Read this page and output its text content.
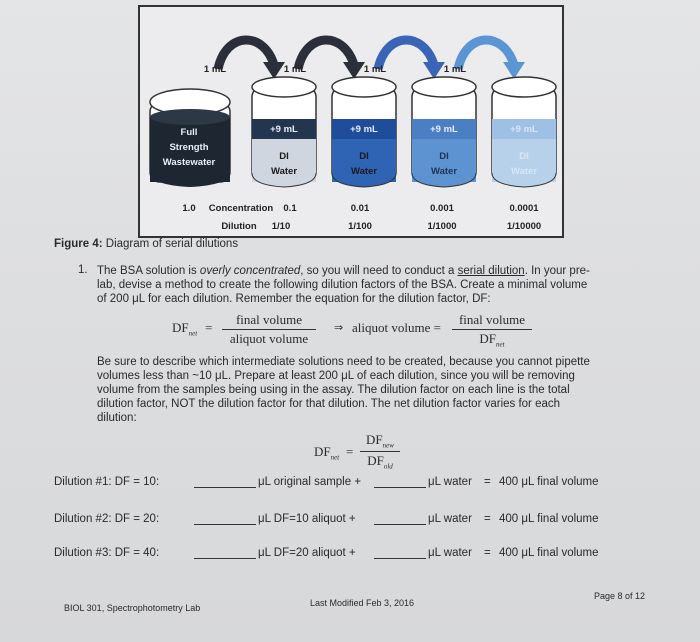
1 mL	1 mL	1 mL	1 mL
Full
Strength
Wastewater
+9 mL
DI
Water
+9 mL
DI
Water
+9 mL
DI
Water
+9 mL
DI
Water
1.0	Concentration	0.1	0.01	0.001	0.0001
Dilution	1/10	1/100	1/1000	1/10000
Figure 4: Diagram of serial dilutions
1. The BSA solution is overly concentrated, so you will need to conduct a serial dilution. In your pre-
lab, devise a method to create the following dilution factors of the BSA. Create a minimal volume
of 200 μL for each dilution. Remember the equation for the dilution factor, DF:
$DF_{net}$ =
final volume
aliquot volume
⇒ aliquot volume =
final volume
$DF_{net}$
Be sure to describe which intermediate solutions need to be created, because you cannot pipette
volumes less than ~10 μL. Prepare at least 200 μL of each dilution, since you will be removing
volume from the samples being using in the assay. The dilution factor on each line is the total
dilution factor, NOT the dilution factor for that dilution. The net dilution factor varies for each
dilution:
$DF_{net}$ =
$DF_{new}$
$DF_{old}$
Dilution #1: DF = 10:	μL original sample +	μL water = 400 μL final volume
Dilution #2: DF = 20:	μL DF=10 aliquot +	μL water = 400 μL final volume
Dilution #3: DF = 40:	μL DF=20 aliquot +	μL water = 400 μL final volume
BIOL 301, Spectrophotometry Lab	Last Modified Feb 3, 2016
Page 8 of 12
